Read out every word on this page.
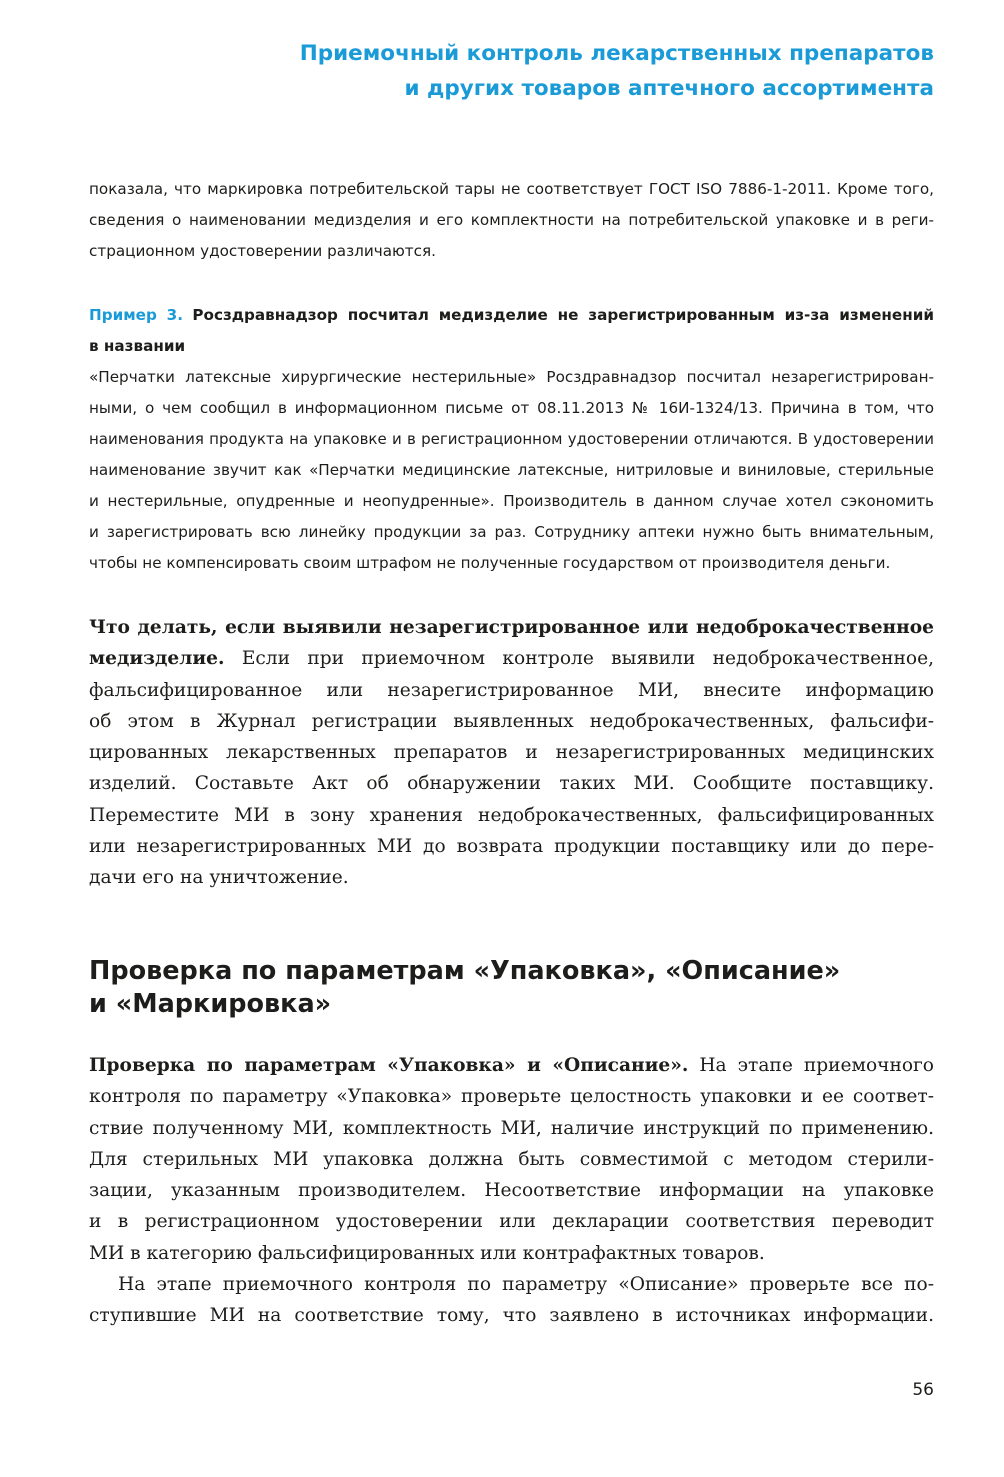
Приемочный контроль лекарственных препаратов
и других товаров аптечного ассортимента
показала, что маркировка потребительской тары не соответствует ГОСТ ISO 7886-1-2011. Кроме того,
сведения о наименовании медизделия и его комплектности на потребительской упаковке и в реги-
страционном удостоверении различаются.
Пример 3. Росздравнадзор посчитал медизделие не зарегистрированным из-за изменений
в названии
«Перчатки латексные хирургические нестерильные» Росздравнадзор посчитал незарегистрирован-
ными, о чем сообщил в информационном письме от 08.11.2013 № 16И-1324/13. Причина в том, что
наименования продукта на упаковке и в регистрационном удостоверении отличаются. В удостоверении
наименование звучит как «Перчатки медицинские латексные, нитриловые и виниловые, стерильные
и нестерильные, опудренные и неопудренные». Производитель в данном случае хотел сэкономить
и зарегистрировать всю линейку продукции за раз. Сотруднику аптеки нужно быть внимательным,
чтобы не компенсировать своим штрафом не полученные государством от производителя деньги.
Что делать, если выявили незарегистрированное или недоброкачественное
медизделие. Если при приемочном контроле выявили недоброкачественное,
фальсифицированное или незарегистрированное МИ, внесите информацию
об этом в Журнал регистрации выявленных недоброкачественных, фальсифи-
цированных лекарственных препаратов и незарегистрированных медицинских
изделий. Составьте Акт об обнаружении таких МИ. Сообщите поставщику.
Переместите МИ в зону хранения недоброкачественных, фальсифицированных
или незарегистрированных МИ до возврата продукции поставщику или до пере-
дачи его на уничтожение.
Проверка по параметрам «Упаковка», «Описание»
и «Маркировка»
Проверка по параметрам «Упаковка» и «Описание». На этапе приемочного
контроля по параметру «Упаковка» проверьте целостность упаковки и ее соответ-
ствие полученному МИ, комплектность МИ, наличие инструкций по применению.
Для стерильных МИ упаковка должна быть совместимой с методом стерили-
зации, указанным производителем. Несоответствие информации на упаковке
и в регистрационном удостоверении или декларации соответствия переводит
МИ в категорию фальсифицированных или контрафактных товаров.
На этапе приемочного контроля по параметру «Описание» проверьте все по-
ступившие МИ на соответствие тому, что заявлено в источниках информации.
56
